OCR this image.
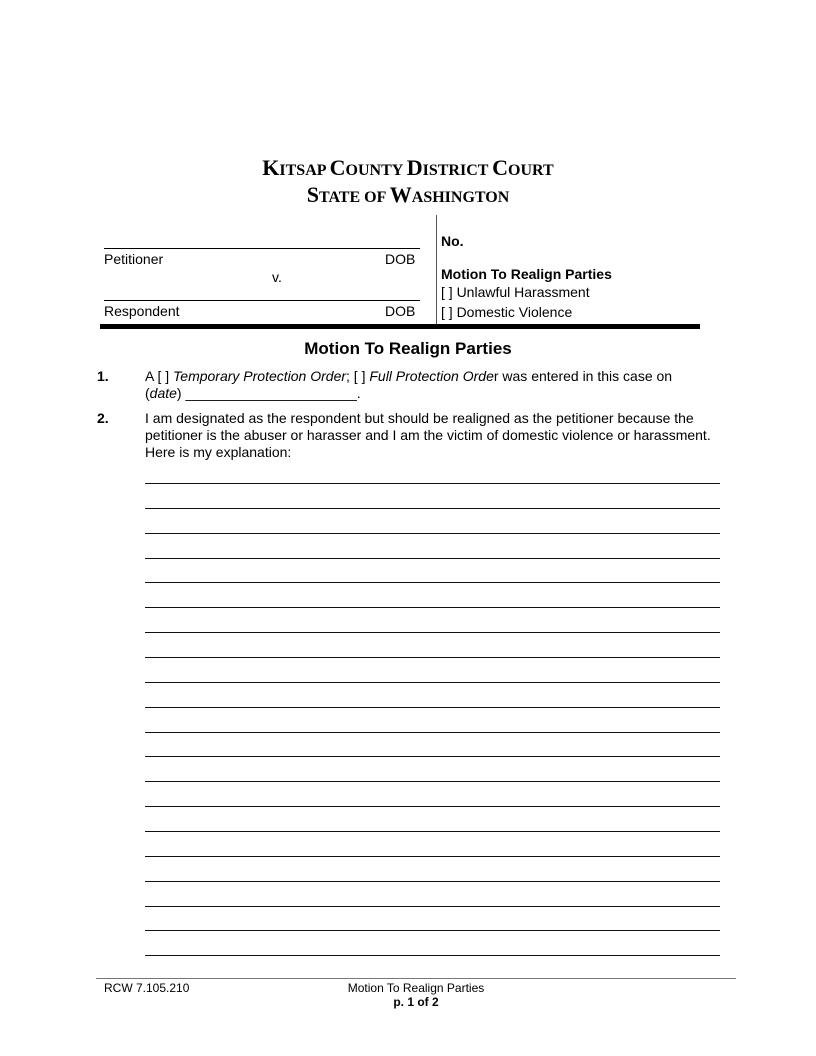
KITSAP COUNTY DISTRICT COURT
STATE OF WASHINGTON
Petitioner	DOB
v.
Respondent	DOB
No.
Motion To Realign Parties
[ ] Unlawful Harassment
[ ] Domestic Violence
Motion To Realign Parties
1.	A [ ] Temporary Protection Order; [ ] Full Protection Order was entered in this case on
(date) ______________________.
2.	I am designated as the respondent but should be realigned as the petitioner because the petitioner is the abuser or harasser and I am the victim of domestic violence or harassment. Here is my explanation:
RCW 7.105.210	Motion To Realign Parties
p. 1 of 2
